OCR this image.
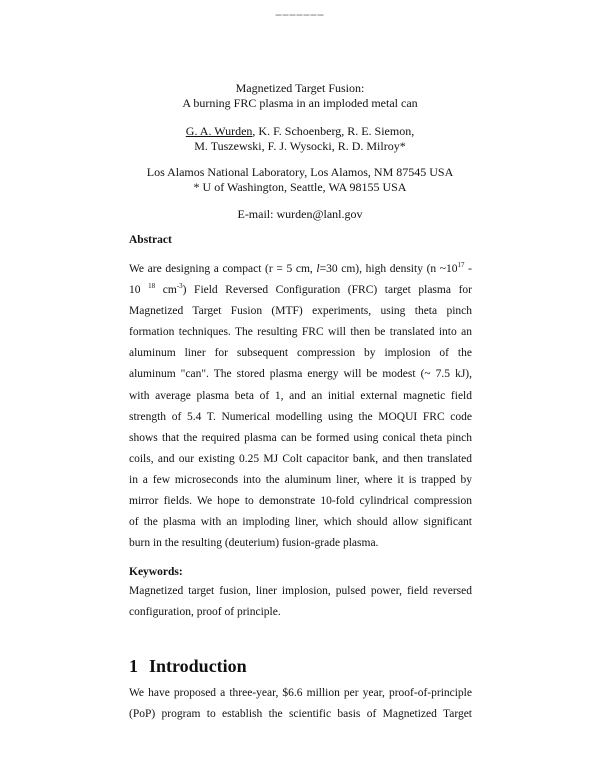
▬▬▬▬▬▬▬
Magnetized Target Fusion:
A burning FRC plasma in an imploded metal can
G. A. Wurden, K. F. Schoenberg, R. E. Siemon,
M. Tuszewski, F. J. Wysocki, R. D. Milroy*
Los Alamos National Laboratory, Los Alamos, NM 87545 USA
* U of Washington, Seattle, WA 98155 USA
E-mail: wurden@lanl.gov
Abstract
We are designing a compact (r = 5 cm, l=30 cm), high density (n $\sim 10^{17}$ -
10 $^{18}$ $cm^{-3}$) Field Reversed Configuration (FRC) target plasma for
Magnetized Target Fusion (MTF) experiments, using theta pinch
formation techniques. The resulting FRC will then be translated into an
aluminum liner for subsequent compression by implosion of the
aluminum "can". The stored plasma energy will be modest (~ 7.5 kJ),
with average plasma beta of 1, and an initial external magnetic field
strength of 5.4 T. Numerical modelling using the MOQUI FRC code
shows that the required plasma can be formed using conical theta pinch
coils, and our existing 0.25 MJ Colt capacitor bank, and then translated
in a few microseconds into the aluminum liner, where it is trapped by
mirror fields. We hope to demonstrate 10-fold cylindrical compression
of the plasma with an imploding liner, which should allow significant
burn in the resulting (deuterium) fusion-grade plasma.
Keywords:
Magnetized target fusion, liner implosion, pulsed power, field reversed
configuration, proof of principle.
1 Introduction
We have proposed a three-year, $6.6 million per year, proof-of-principle
(PoP) program to establish the scientific basis of Magnetized Target
